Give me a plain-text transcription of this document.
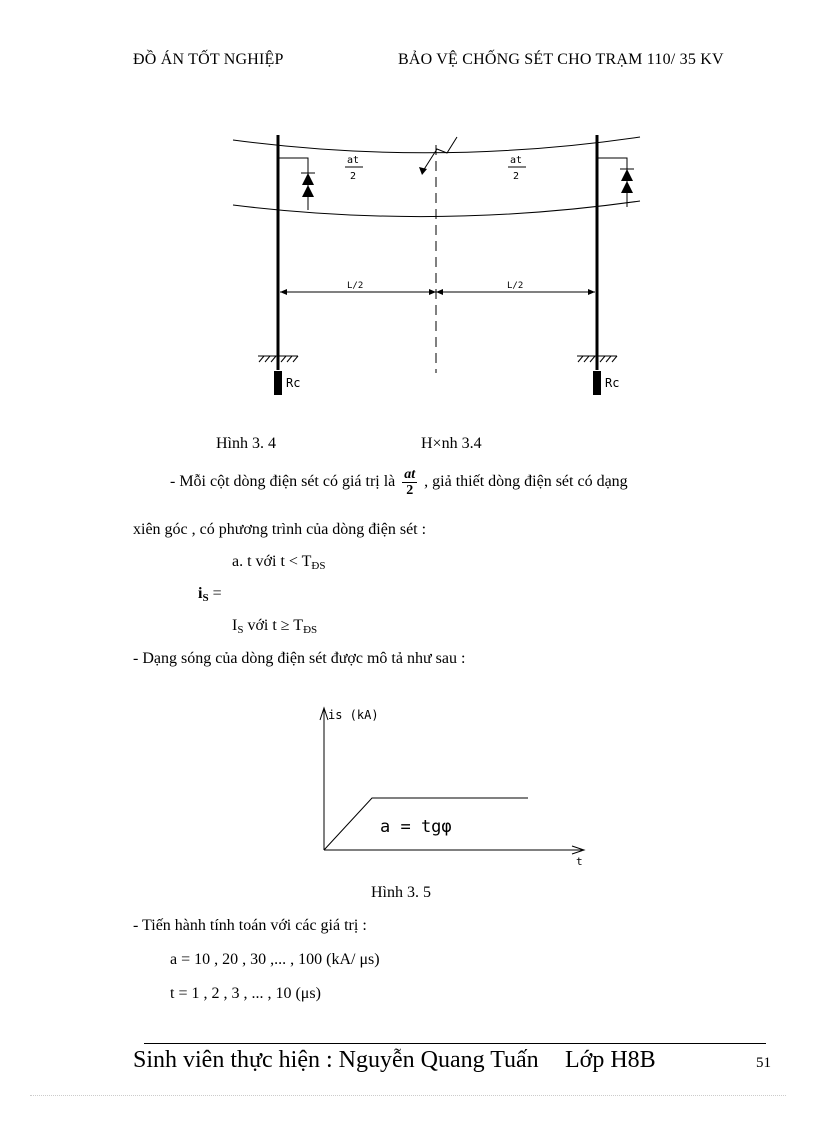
ĐỒ ÁN TỐT NGHIỆP	BẢO VỆ CHỐNG SÉT CHO TRẠM 110/ 35 KV
at
2
at
2
L/2	L/2
Rc	Rc
Hình 3. 4	H×nh 3.4
- Mỗi cột dòng điện sét có giá trị là $\frac{at}{2}$ , giả thiết dòng điện sét có dạng
xiên góc , có phương trình của dòng điện sét :
a. t với $t < T_{ĐS}$
$i_S$ =
$I_S$ với $t \ge T_{ĐS}$
- Dạng sóng của dòng điện sét được mô tả như sau :
is (kA)
t
a = tgφ
Hình 3. 5
- Tiến hành tính toán với các giá trị :
a = 10 , 20 , 30 ,... , 100 (kA/ μs)
t = 1 , 2 , 3 , ... , 10 (μs)
Sinh viên thực hiện : Nguyễn Quang Tuấn Lớp H8B	51
